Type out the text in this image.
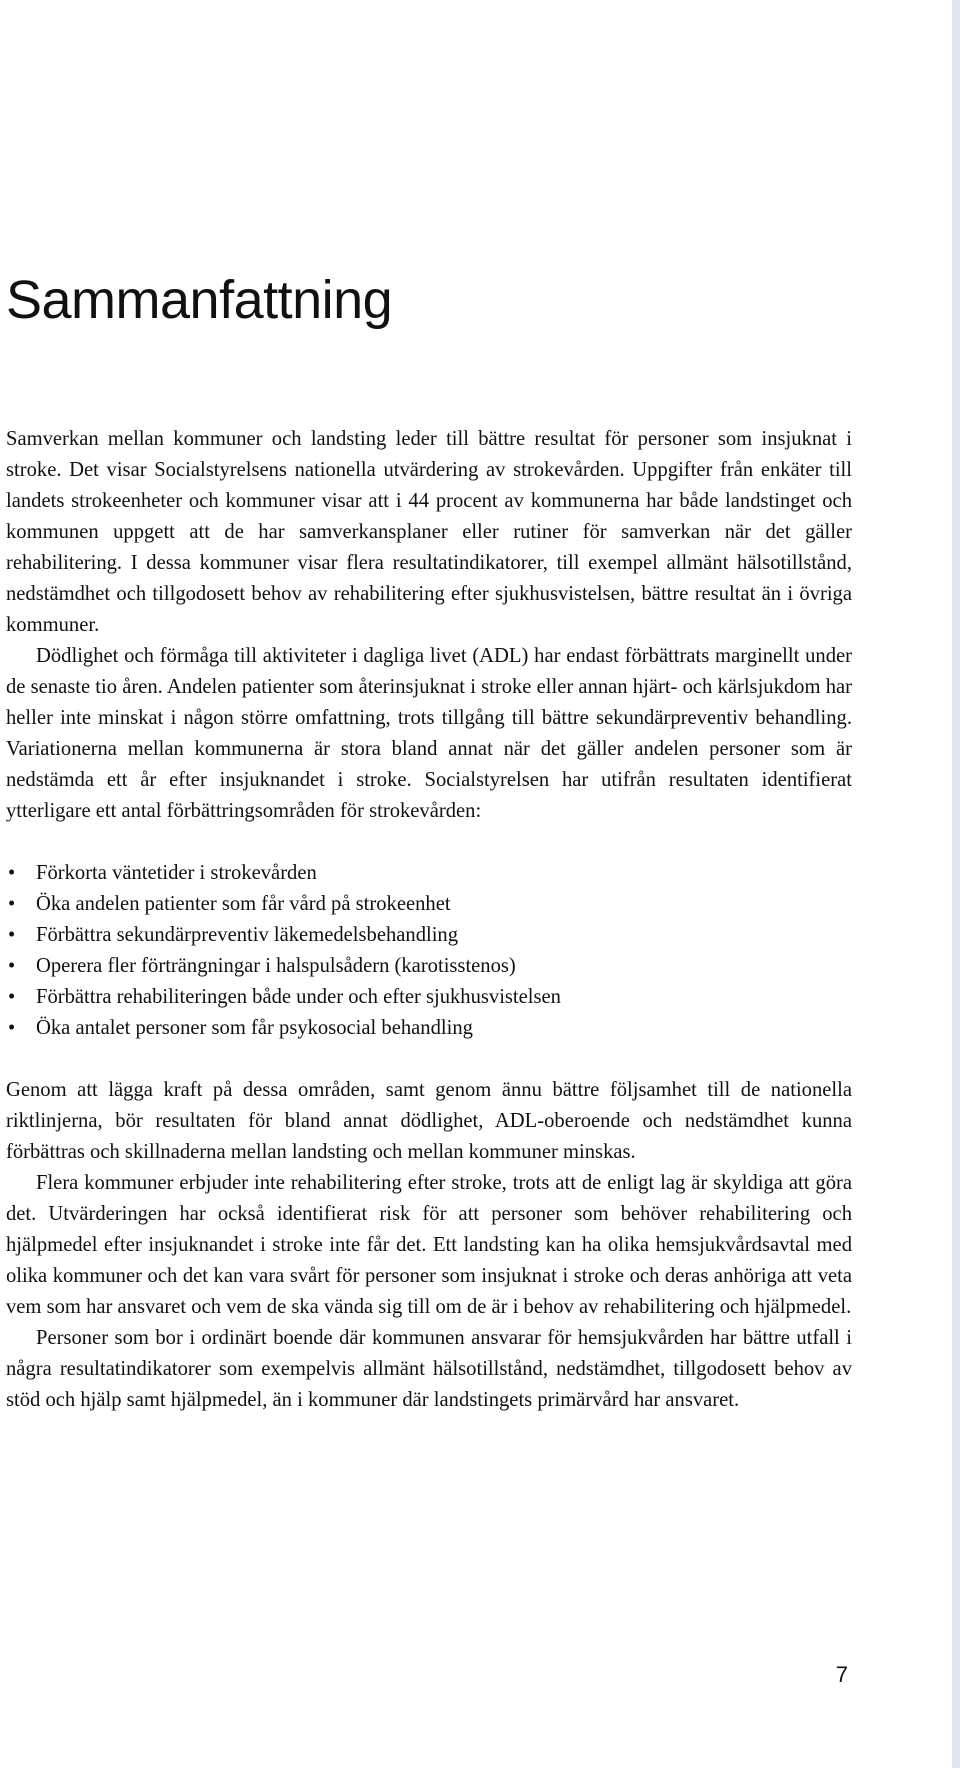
Sammanfattning

Samverkan mellan kommuner och landsting leder till bättre resultat för personer som insjuknat i stroke. Det visar Socialstyrelsens nationella utvärdering av strokevården. Uppgifter från enkäter till landets strokeenheter och kommuner visar att i 44 procent av kommunerna har både landstinget och kommunen uppgett att de har samverkansplaner eller rutiner för samverkan när det gäller rehabilitering. I dessa kommuner visar flera resultatindikatorer, till exempel allmänt hälsotillstånd, nedstämdhet och tillgodosett behov av rehabilitering efter sjukhusvistelsen, bättre resultat än i övriga kommuner.

Dödlighet och förmåga till aktiviteter i dagliga livet (ADL) har endast förbättrats marginellt under de senaste tio åren. Andelen patienter som återinsjuknat i stroke eller annan hjärt- och kärlsjukdom har heller inte minskat i någon större omfattning, trots tillgång till bättre sekundärpreventiv behandling. Variationerna mellan kommunerna är stora bland annat när det gäller andelen personer som är nedstämda ett år efter insjuknandet i stroke. Socialstyrelsen har utifrån resultaten identifierat ytterligare ett antal förbättringsområden för strokevården:

• Förkorta väntetider i strokevården
• Öka andelen patienter som får vård på strokeenhet
• Förbättra sekundärpreventiv läkemedelsbehandling
• Operera fler förträngningar i halspulsådern (karotisstenos)
• Förbättra rehabiliteringen både under och efter sjukhusvistelsen
• Öka antalet personer som får psykosocial behandling

Genom att lägga kraft på dessa områden, samt genom ännu bättre följsamhet till de nationella riktlinjerna, bör resultaten för bland annat dödlighet, ADL-oberoende och nedstämdhet kunna förbättras och skillnaderna mellan landsting och mellan kommuner minskas.

Flera kommuner erbjuder inte rehabilitering efter stroke, trots att de enligt lag är skyldiga att göra det. Utvärderingen har också identifierat risk för att personer som behöver rehabilitering och hjälpmedel efter insjuknandet i stroke inte får det. Ett landsting kan ha olika hemsjukvårdsavtal med olika kommuner och det kan vara svårt för personer som insjuknat i stroke och deras anhöriga att veta vem som har ansvaret och vem de ska vända sig till om de är i behov av rehabilitering och hjälpmedel.

Personer som bor i ordinärt boende där kommunen ansvarar för hemsjukvården har bättre utfall i några resultatindikatorer som exempelvis allmänt hälsotillstånd, nedstämdhet, tillgodosett behov av stöd och hjälp samt hjälpmedel, än i kommuner där landstingets primärvård har ansvaret.

7
